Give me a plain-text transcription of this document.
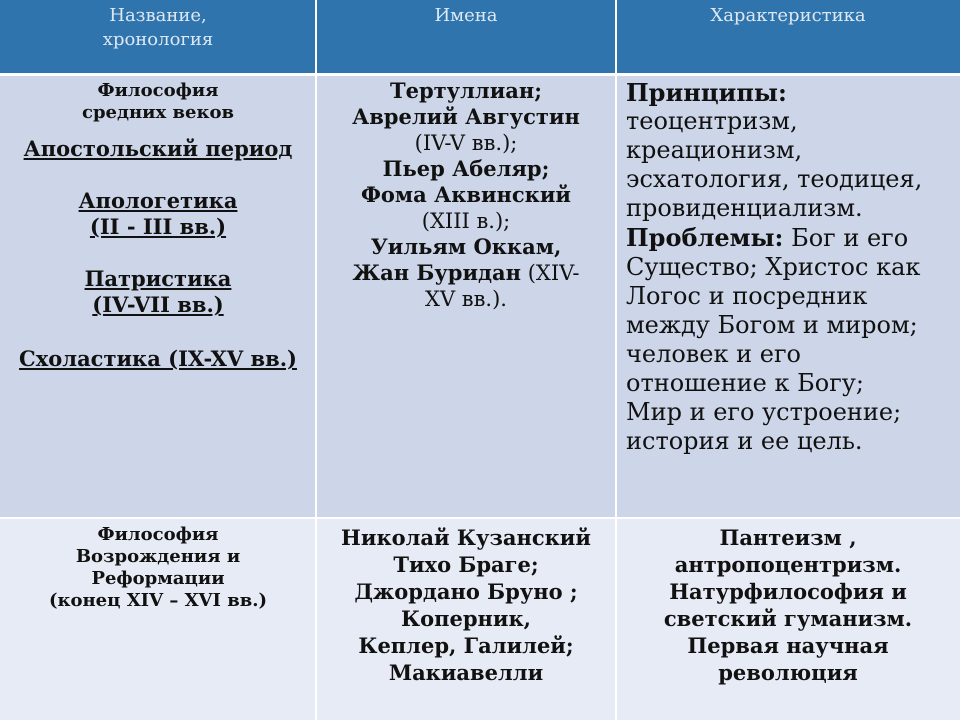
Название, хронология
Имена	Характеристика
Философия
средних веков
Апостольский период
Апологетика
(II - III вв.)
Патристика
(IV-VII вв.)
Схоластика (IX-XV вв.)
Тертуллиан;
Аврелий Августин
(IV-V вв.);
Пьер Абеляр;
Фома Аквинский
(XIII в.);
Уильям Оккам,
Жан Буридан (XIV-
XV вв.).
Принципы:
теоцентризм,
креационизм,
эсхатология, теодицея,
провиденциализм.
Проблемы: Бог и его
Существо; Христос как
Логос и посредник
между Богом и миром;
человек и его
отношение к Богу;
Мир и его устроение;
история и ее цель.
Философия
Возрождения и
Реформации
(конец XIV – XVI вв.)
Николай Кузанский
Тихо Браге;
Джордано Бруно ;
Коперник,
Кеплер, Галилей;
Макиавелли
Пантеизм ,
антропоцентризм.
Натурфилософия и
светский гуманизм.
Первая научная
революция
